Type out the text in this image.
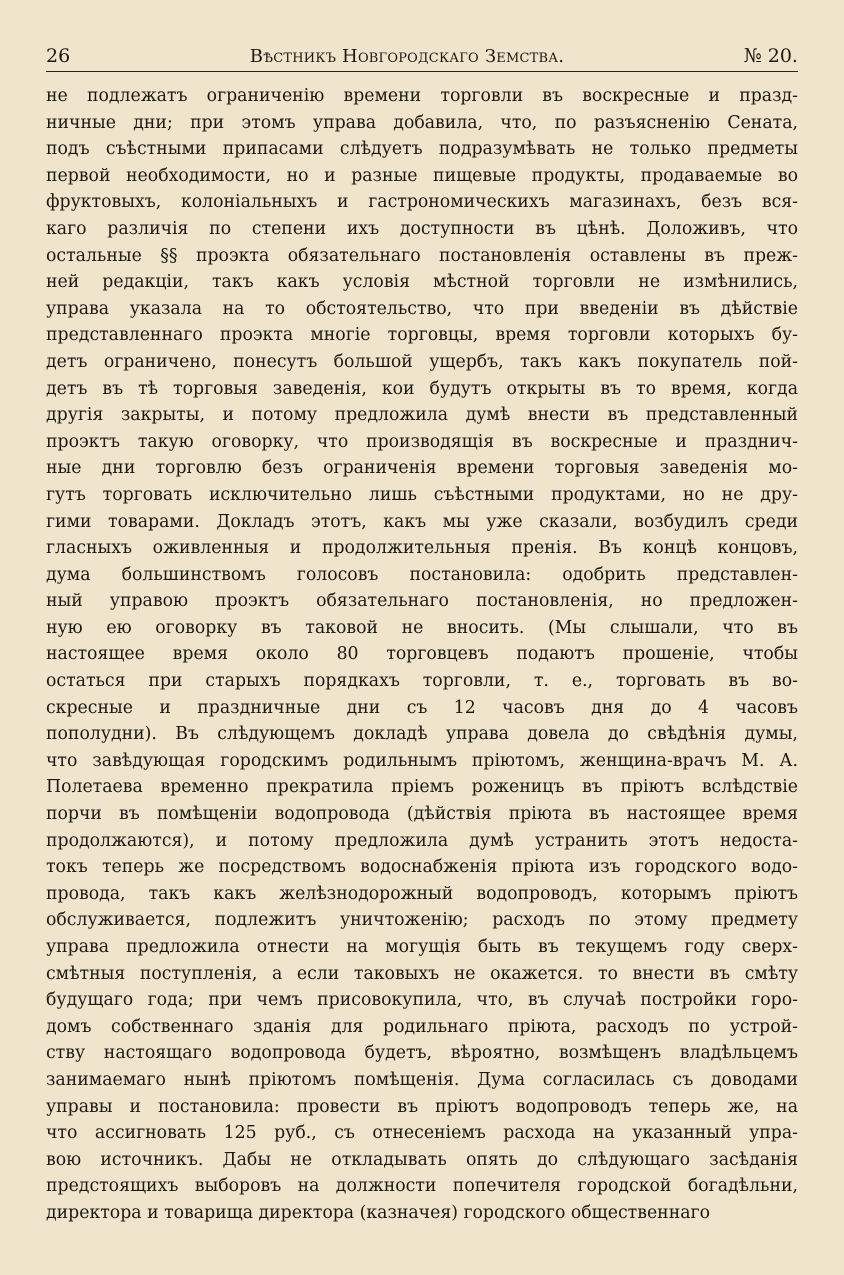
26	Вѣстникъ Новгородскаго Земства.	№ 20.
не подлежатъ ограниченію времени торговли въ воскресные и празд-
ничные дни; при этомъ управа добавила, что, по разъясненію Сената,
подъ съѣстными припасами слѣдуетъ подразумѣвать не только предметы
первой необходимости, но и разные пищевые продукты, продаваемые во
фруктовыхъ, колоніальныхъ и гастрономическихъ магазинахъ, безъ вся-
каго различія по степени ихъ доступности въ цѣнѣ. Доложивъ, что
остальные §§ проэкта обязательнаго постановленія оставлены въ преж-
ней редакціи, такъ какъ условія мѣстной торговли не измѣнились,
управа указала на то обстоятельство, что при введеніи въ дѣйствіе
представленнаго проэкта многіе торговцы, время торговли которыхъ бу-
детъ ограничено, понесутъ большой ущербъ, такъ какъ покупатель пой-
детъ въ тѣ торговыя заведенія, кои будутъ открыты въ то время, когда
другія закрыты, и потому предложила думѣ внести въ представленный
проэктъ такую оговорку, что производящія въ воскресные и празднич-
ные дни торговлю безъ ограниченія времени торговыя заведенія мо-
гутъ торговать исключительно лишь съѣстными продуктами, но не дру-
гими товарами. Докладъ этотъ, какъ мы уже сказали, возбудилъ среди
гласныхъ оживленныя и продолжительныя пренія. Въ концѣ концовъ,
дума большинствомъ голосовъ постановила: одобрить представлен-
ный управою проэктъ обязательнаго постановленія, но предложен-
ную ею оговорку въ таковой не вносить. (Мы слышали, что въ
настоящее время около 80 торговцевъ подаютъ прошеніе, чтобы
остаться при старыхъ порядкахъ торговли, т. е., торговать въ во-
скресные и праздничные дни съ 12 часовъ дня до 4 часовъ
пополудни). Въ слѣдующемъ докладѣ управа довела до свѣдѣнія думы,
что завѣдующая городскимъ родильнымъ пріютомъ, женщина-врачъ М. А.
Полетаева временно прекратила пріемъ роженицъ въ пріютъ вслѣдствіе
порчи въ помѣщеніи водопровода (дѣйствія пріюта въ настоящее время
продолжаются), и потому предложила думѣ устранить этотъ недоста-
токъ теперь же посредствомъ водоснабженія пріюта изъ городского водо-
провода, такъ какъ желѣзнодорожный водопроводъ, которымъ пріютъ
обслуживается, подлежитъ уничтоженію; расходъ по этому предмету
управа предложила отнести на могущія быть въ текущемъ году сверх-
смѣтныя поступленія, а если таковыхъ не окажется. то внести въ смѣту
будущаго года; при чемъ присовокупила, что, въ случаѣ постройки горо-
домъ собственнаго зданія для родильнаго пріюта, расходъ по устрой-
ству настоящаго водопровода будетъ, вѣроятно, возмѣщенъ владѣльцемъ
занимаемаго нынѣ пріютомъ помѣщенія. Дума согласилась съ доводами
управы и постановила: провести въ пріютъ водопроводъ теперь же, на
что ассигновать 125 руб., съ отнесеніемъ расхода на указанный упра-
вою источникъ. Дабы не откладывать опять до слѣдующаго засѣданія
предстоящихъ выборовъ на должности попечителя городской богадѣльни,
директора и товарища директора (казначея) городского общественнаго
